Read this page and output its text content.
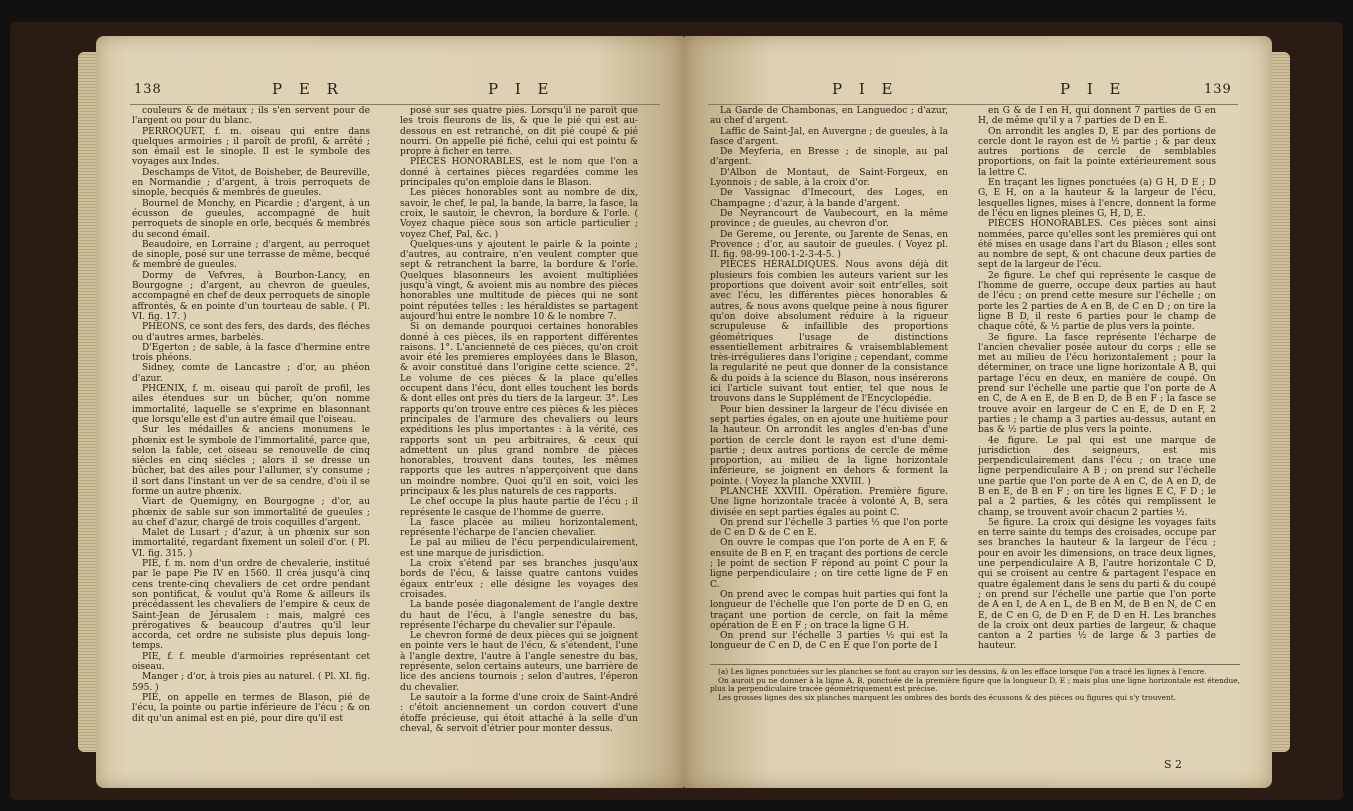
138	P E R	P I E

couleurs & de métaux ; ils s'en servent pour de l'argent ou pour du blanc.

PERROQUET, f. m. oiseau qui entre dans quelques armoiries ; il paroît de profil, & arrêté ; son émail est le sinople. Il est le symbole des voyages aux Indes.

Deschamps de Vitot, de Boisheber, de Beureville, en Normandie ; d'argent, à trois perroquets de sinople, becqués & membrés de gueules.

Bournel de Monchy, en Picardie ; d'argent, à un écusson de gueules, accompagné de huit perroquets de sinople en orle, becqués & membrés du second émail.

Beaudoire, en Lorraine ; d'argent, au perroquet de sinople, posé sur une terrasse de même, becqué & membré de gueules.

Dormy de Vefvres, à Bourbon-Lancy, en Bourgogne ; d'argent, au chevron de gueules, accompagné en chef de deux perroquets de sinople affrontés, & en pointe d'un tourteau de sable. ( Pl. VI. fig. 17. )

PHEONS, ce sont des fers, des dards, des fléches ou d'autres armes, barbelés.

D'Egerton ; de sable, à la fasce d'hermine entre trois phéons.

Sidney, comte de Lancastre ; d'or, au phéon d'azur.

PHŒNIX, f. m. oiseau qui paroît de profil, les ailes étendues sur un bûcher, qu'on nomme immortalité, laquelle se s'exprime en blasonnant que lorsqu'elle est d'un autre émail que l'oiseau.

Sur les médailles & anciens monumens le phœnix est le symbole de l'immortalité, parce que, selon la fable, cet oiseau se renouvelle de cinq siécles en cinq siécles ; alors il se dresse un bûcher, bat des ailes pour l'allumer, s'y consume ; il sort dans l'instant un ver de sa cendre, d'où il se forme un autre phœnix.

Viart de Quemigny, en Bourgogne ; d'or, au phœnix de sable sur son immortalité de gueules ; au chef d'azur, chargé de trois coquilles d'argent.

Malet de Lusart ; d'azur, à un phœnix sur son immortalité, regardant fixement un soleil d'or. ( Pl. VI. fig. 315. )

PIE, f. m. nom d'un ordre de chevalerie, institué par le pape Pie IV en 1560. Il créa jusqu'à cinq cens trente-cinq chevaliers de cet ordre pendant son pontificat, & voulut qu'à Rome & ailleurs ils précédassent les chevaliers de l'empire & ceux de Saint-Jean de Jérusalem : mais, malgré ces prérogatives & beaucoup d'autres qu'il leur accorda, cet ordre ne subsiste plus depuis long-temps.

PIE, f. f. meuble d'armoiries représentant cet oiseau.

Manger ; d'or, à trois pies au naturel. ( Pl. XI. fig. 595. )

PIÉ, on appelle en termes de Blason, pié de l'écu, la pointe ou partie inférieure de l'écu ; & on dit qu'un animal est en pié, pour dire qu'il est

posé sur ses quatre piés. Lorsqu'il ne paroît que les trois fleurons de lis, & que le pié qui est au-dessous en est retranché, on dit pié coupé & pié nourri. On appelle pié fiché, celui qui est pointu & propre à ficher en terre.

PIÉCES HONORABLES, est le nom que l'on a donné à certaines pièces regardées comme les principales qu'on emploie dans le Blason.

Les pièces honorables sont au nombre de dix, savoir, le chef, le pal, la bande, la barre, la fasce, la croix, le sautoir, le chevron, la bordure & l'orle. ( Voyez chaque pièce sous son article particulier ; voyez Chef, Pal, &c. )

Quelques-uns y ajoutent le pairle & la pointe ; d'autres, au contraire, n'en veulent compter que sept & retranchent la barre, la bordure & l'orle. Quelques blasonneurs les avoient multipliées jusqu'à vingt, & avoient mis au nombre des pièces honorables une multitude de pièces qui ne sont point réputées telles : les héraldistes se partagent aujourd'hui entre le nombre 10 & le nombre 7.

Si on demande pourquoi certaines honorables donné à ces pièces, ils en rapportent différentes raisons. 1°. L'ancienneté de ces pièces, qu'on croit avoir été les premieres employées dans le Blason, & avoir constitué dans l'origine cette science. 2°. Le volume de ces pièces & la place qu'elles occupent dans l'écu, dont elles touchent les bords & dont elles ont près du tiers de la largeur. 3°. Les rapports qu'on trouve entre ces pièces & les pièces principales de l'armure des chevaliers ou leurs expéditions les plus importantes : à la vérité, ces rapports sont un peu arbitraires, & ceux qui admettent un plus grand nombre de pièces honorables, trouvent dans toutes, les mêmes rapports que les autres n'apperçoivent que dans un moindre nombre. Quoi qu'il en soit, voici les principaux & les plus naturels de ces rapports.

Le chef occupe la plus haute partie de l'écu ; il représente le casque de l'homme de guerre.

La fasce placée au milieu horizontalement, représente l'écharpe de l'ancien chevalier.

Le pal au milieu de l'écu perpendiculairement, est une marque de jurisdiction.

La croix s'étend par ses branches jusqu'aux bords de l'écu, & laisse quatre cantons vuides égaux entr'eux ; elle désigne les voyages des croisades.

La bande posée diagonalement de l'angle dextre du haut de l'écu, à l'angle senestre du bas, représente l'écharpe du chevalier sur l'épaule.

Le chevron formé de deux pièces qui se joignent en pointe vers le haut de l'écu, & s'étendent, l'une à l'angle dextre, l'autre à l'angle senestre du bas, représente, selon certains auteurs, une barrière de lice des anciens tournois ; selon d'autres, l'éperon du chevalier.

Le sautoir a la forme d'une croix de Saint-André : c'étoit anciennement un cordon couvert d'une étoffe précieuse, qui étoit attaché à la selle d'un cheval, & servoit d'étrier pour monter dessus.

P I E	P I E	139

La Garde de Chambonas, en Languedoc ; d'azur, au chef d'argent.

Laffic de Saint-Jal, en Auvergne ; de gueules, à la fasce d'argent.

De Meyferia, en Bresse ; de sinople, au pal d'argent.

D'Albon de Montaut, de Saint-Forgeux, en Lyonnois ; de sable, à la croix d'or.

De Vassignac d'Imecourt, des Loges, en Champagne ; d'azur, à la bande d'argent.

De Neyrancourt de Vaubecourt, en la même province ; de gueules, au chevron d'or.

De Gereme, ou Jerente, ou Jarente de Senas, en Provence ; d'or, au sautoir de gueules. ( Voyez pl. II. fig. 98-99-100-1-2-3-4-5. )

PIÈCES HÉRALDIQUES. Nous avons déjà dit plusieurs fois combien les auteurs varient sur les proportions que doivent avoir soit entr'elles, soit avec l'écu, les différentes pièces honorables & autres, & nous avons quelque peine à nous figurer qu'on doive absolument réduire à la rigueur scrupuleuse & infaillible des proportions géométriques l'usage de distinctions essentiellement arbitraires & vraisemblablement très-irrégulieres dans l'origine ; cependant, comme la regularité ne peut que donner de la consistance & du poids à la science du Blason, nous insérerons ici l'article suivant tout entier, tel que nous le trouvons dans le Supplément de l'Encyclopédie.

Pour bien dessiner la largeur de l'écu divisée en sept parties égales, on en ajoute une huitième pour la hauteur. On arrondit les angles d'en-bas d'une portion de cercle dont le rayon est d'une demi-partie ; deux autres portions de cercle de même proportion, au milieu de la ligne horizontale inférieure, se joignent en dehors & forment la pointe. ( Voyez la planche XXVIII. )

PLANCHE XXVIII. Opération. Première figure. Une ligne horizontale tracée à volonté A, B, sera divisée en sept parties égales au point C.

On prend sur l'échelle 3 parties ½ que l'on porte de C en D & de C en E.

On ouvre le compas que l'on porte de A en F, & ensuite de B en F, en traçant des portions de cercle ; le point de section F répond au point C pour la ligne perpendiculaire ; on tire cette ligne de F en C.

On prend avec le compas huit parties qui font la longueur de l'échelle que l'on porte de D en G, en traçant une portion de cercle, on fait la même opération de E en F ; on trace la ligne G H.

On prend sur l'échelle 3 parties ½ qui est la longueur de C en D, de C en E que l'on porte de I

en G & de I en H, qui donnent 7 parties de G en H, de même qu'il y a 7 parties de D en E.

On arrondit les angles D, E par des portions de cercle dont le rayon est de ½ partie ; & par deux autres portions de cercle de semblables proportions, on fait la pointe extérieurement sous la lettre C.

En traçant les lignes ponctuées (a) G H, D E ; D G, E H, on a la hauteur & la largeur de l'écu, lesquelles lignes, mises à l'encre, donnent la forme de l'écu en lignes pleines G, H, D, E.

PIÈCES HONORABLES. Ces pièces sont ainsi nommées, parce qu'elles sont les premières qui ont été mises en usage dans l'art du Blason ; elles sont au nombre de sept, & ont chacune deux parties de sept de la largeur de l'écu.

2e figure. Le chef qui représente le casque de l'homme de guerre, occupe deux parties au haut de l'écu ; on prend cette mesure sur l'échelle ; on porte les 2 parties de A en B, de C en D ; on tire la ligne B D, il reste 6 parties pour le champ de chaque côté, & ½ partie de plus vers la pointe.

3e figure. La fasce représente l'écharpe de l'ancien chevalier posée autour du corps ; elle se met au milieu de l'écu horizontalement ; pour la déterminer, on trace une ligne horizontale A B, qui partage l'écu en deux, en manière de coupé. On prend sur l'échelle une partie que l'on porte de A en C, de A en E, de B en D, de B en F ; la fasce se trouve avoir en largeur de C en E, de D en F, 2 parties ; le champ a 3 parties au-dessus, autant en bas & ½ partie de plus vers la pointe.

4e figure. Le pal qui est une marque de jurisdiction des seigneurs, est mis perpendiculairement dans l'écu ; on trace une ligne perpendiculaire A B ; on prend sur l'échelle une partie que l'on porte de A en C, de A en D, de B en E, de B en F ; on tire les lignes E C, F D ; le pal a 2 parties, & les côtés qui remplissent le champ, se trouvent avoir chacun 2 parties ½.

5e figure. La croix qui désigne les voyages faits en terre sainte du temps des croisades, occupe par ses branches la hauteur & la largeur de l'écu ; pour en avoir les dimensions, on trace deux lignes, une perpendiculaire A B, l'autre horizontale C D, qui se croisent au centre & partagent l'espace en quatre également dans le sens du parti & du coupé ; on prend sur l'échelle une partie que l'on porte de A en I, de A en L, de B en M, de B en N, de C en E, de C en G, de D en F, de D en H. Les branches de la croix ont deux parties de largeur, & chaque canton a 2 parties ½ de large & 3 parties de hauteur.

(a) Les lignes ponctuées sur les planches se font au crayon sur les dessins, & on les efface lorsque l'on a tracé les lignes à l'encre.

On auroit pu ne donner à la ligne A, B, ponctuée de la première figure que la longueur D, E ; mais plus une ligne horizontale est étendue, plus la perpendiculaire tracée géométriquement est précise.

Les grosses lignes des six planches marquent les ombres des bords des écussons & des pièces ou figures qui s'y trouvent.

S 2
